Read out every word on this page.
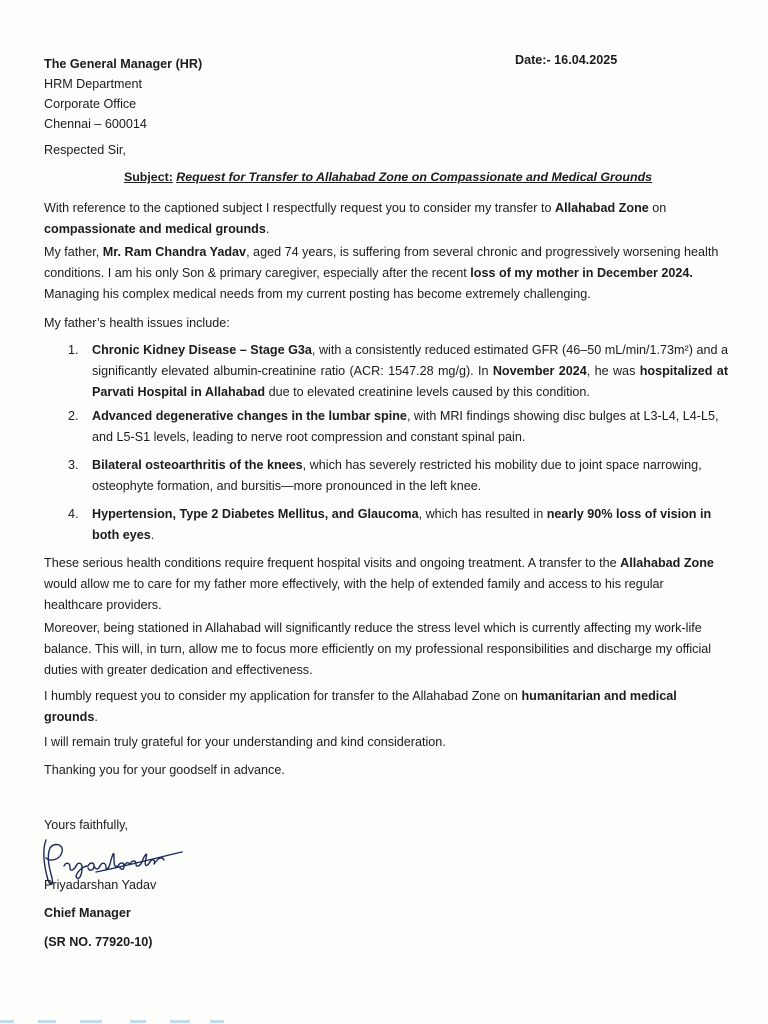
The General Manager (HR)
HRM Department
Corporate Office
Chennai – 600014
Date:- 16.04.2025
Respected Sir,
Subject: Request for Transfer to Allahabad Zone on Compassionate and Medical Grounds
With reference to the captioned subject I respectfully request you to consider my transfer to Allahabad Zone on compassionate and medical grounds.
My father, Mr. Ram Chandra Yadav, aged 74 years, is suffering from several chronic and progressively worsening health conditions. I am his only Son & primary caregiver, especially after the recent loss of my mother in December 2024. Managing his complex medical needs from my current posting has become extremely challenging.
My father’s health issues include:
1.	Chronic Kidney Disease – Stage G3a, with a consistently reduced estimated GFR (46–50 mL/min/1.73m²) and a significantly elevated albumin-creatinine ratio (ACR: 1547.28 mg/g). In November 2024, he was hospitalized at Parvati Hospital in Allahabad due to elevated creatinine levels caused by this condition.
2.	Advanced degenerative changes in the lumbar spine, with MRI findings showing disc bulges at L3-L4, L4-L5, and L5-S1 levels, leading to nerve root compression and constant spinal pain.
3.	Bilateral osteoarthritis of the knees, which has severely restricted his mobility due to joint space narrowing, osteophyte formation, and bursitis—more pronounced in the left knee.
4.	Hypertension, Type 2 Diabetes Mellitus, and Glaucoma, which has resulted in nearly 90% loss of vision in both eyes.
These serious health conditions require frequent hospital visits and ongoing treatment. A transfer to the Allahabad Zone would allow me to care for my father more effectively, with the help of extended family and access to his regular healthcare providers.
Moreover, being stationed in Allahabad will significantly reduce the stress level which is currently affecting my work-life balance. This will, in turn, allow me to focus more efficiently on my professional responsibilities and discharge my official duties with greater dedication and effectiveness.
I humbly request you to consider my application for transfer to the Allahabad Zone on humanitarian and medical grounds.
I will remain truly grateful for your understanding and kind consideration.
Thanking you for your goodself in advance.
Yours faithfully,
Priyadarshan Yadav
Chief Manager
(SR NO. 77920-10)
